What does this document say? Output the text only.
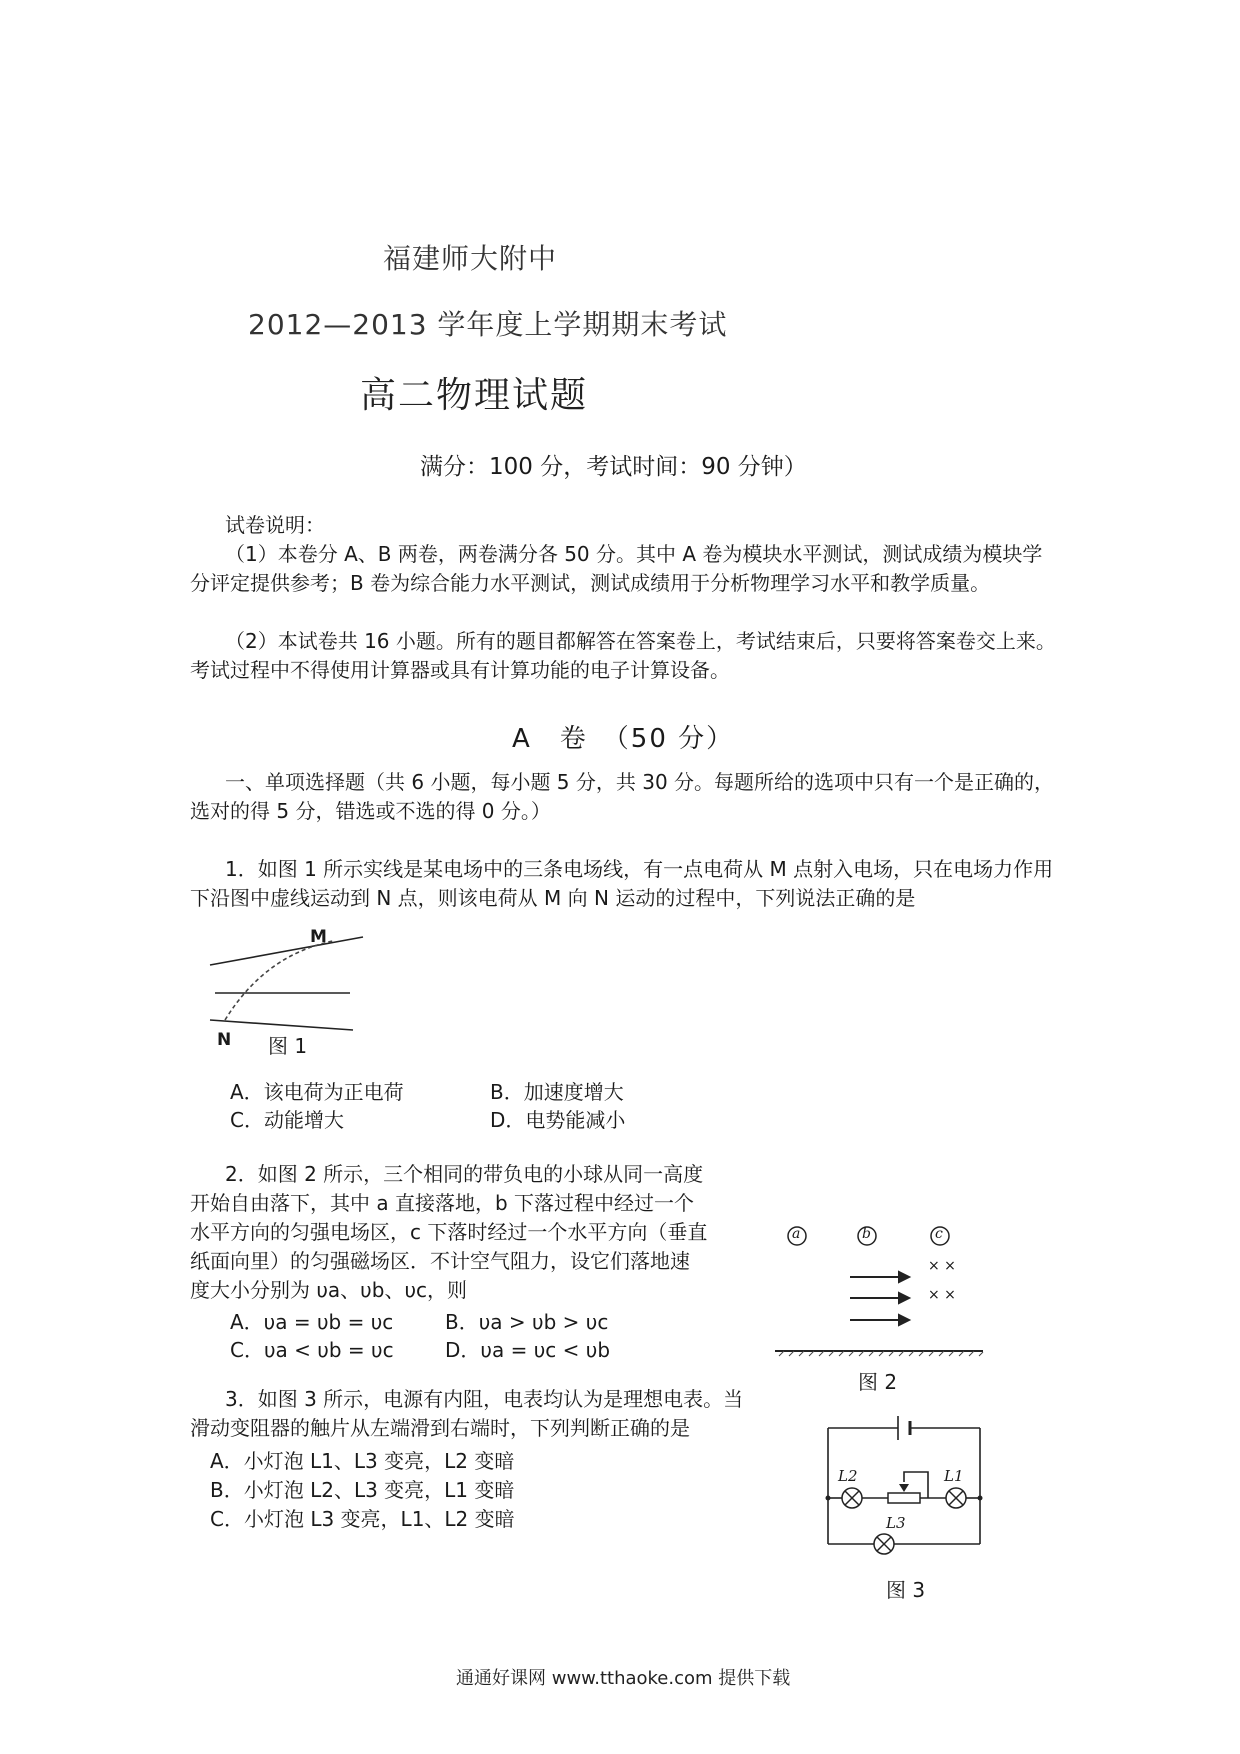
福建师大附中
2012—2013 学年度上学期期末考试
高二物理试题
满分：100 分，考试时间：90 分钟）
试卷说明：
（1）本卷分 A、B 两卷，两卷满分各 50 分。其中 A 卷为模块水平测试，测试成绩为模块学分评定提供参考；B 卷为综合能力水平测试，测试成绩用于分析物理学习水平和教学质量。
（2）本试卷共 16 小题。所有的题目都解答在答案卷上，考试结束后，只要将答案卷交上来。考试过程中不得使用计算器或具有计算功能的电子计算设备。
A　卷　（50 分）
一、单项选择题（共 6 小题，每小题 5 分，共 30 分。每题所给的选项中只有一个是正确的，选对的得 5 分，错选或不选的得 0 分。）
1．如图 1 所示实线是某电场中的三条电场线，有一点电荷从 M 点射入电场，只在电场力作用下沿图中虚线运动到 N 点，则该电荷从 M 向 N 运动的过程中，下列说法正确的是
M
N 图 1
A．该电荷为正电荷	B．加速度增大
C．动能增大	D．电势能减小
2．如图 2 所示，三个相同的带负电的小球从同一高度
开始自由落下，其中 a 直接落地，b 下落过程中经过一个
水平方向的匀强电场区，c 下落时经过一个水平方向（垂直
纸面向里）的匀强磁场区．不计空气阻力，设它们落地速
度大小分别为 υa、υb、υc，则
A．υa = υb = υc	B．υa > υb > υc
C．υa < υb = υc	D．υa = υc < υb
a	b	c
× ×
× ×
图 2
3．如图 3 所示，电源有内阻，电表均认为是理想电表。当
滑动变阻器的触片从左端滑到右端时，下列判断正确的是
A．小灯泡 L1、L3 变亮，L2 变暗
B．小灯泡 L2、L3 变亮，L1 变暗
C．小灯泡 L3 变亮，L1、L2 变暗
L2	L1
L3
图 3
通通好课网 www.tthaoke.com 提供下载
